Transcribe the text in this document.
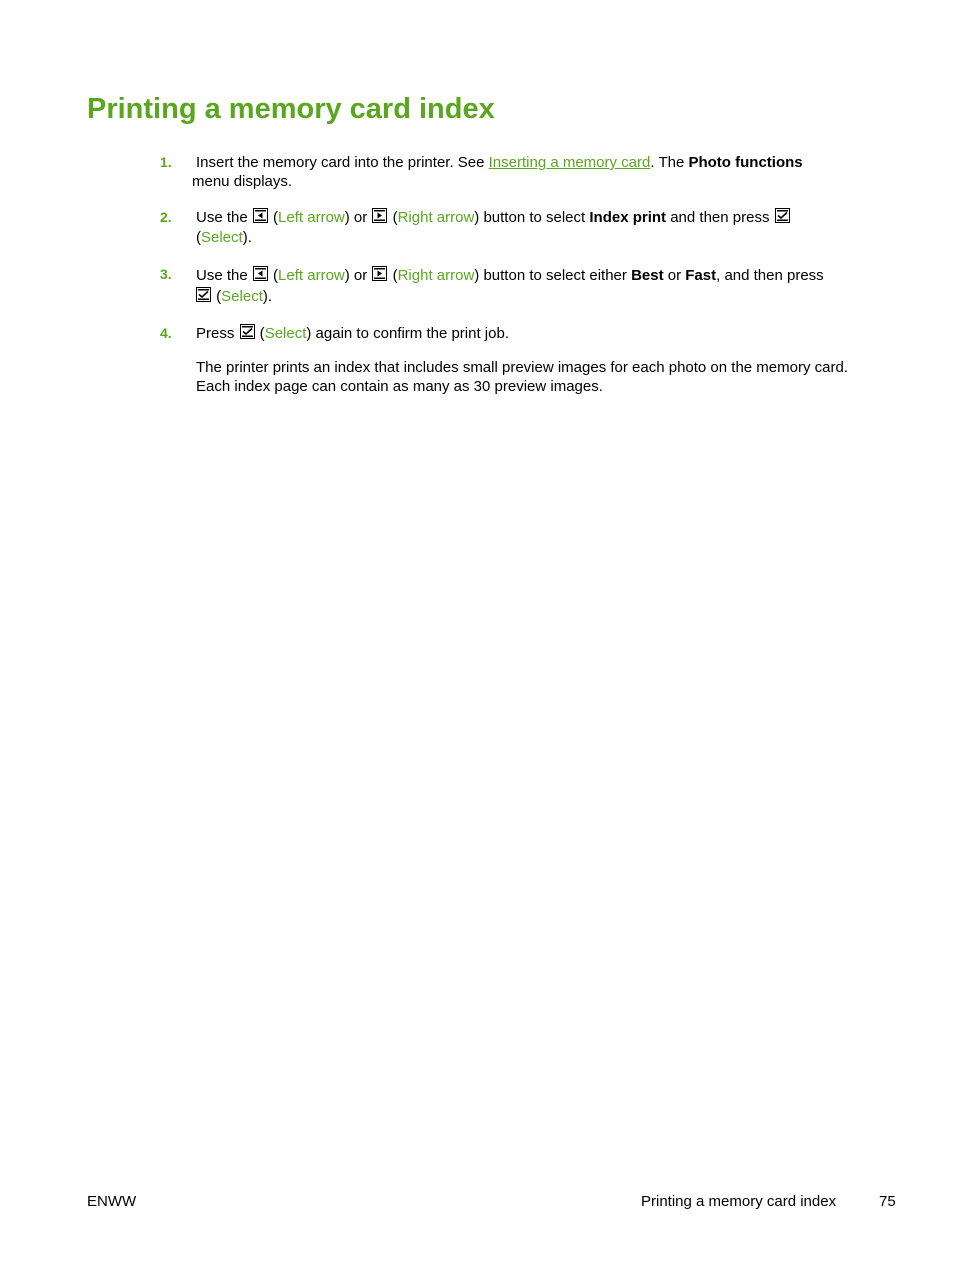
Printing a memory card index
1. Insert the memory card into the printer. See Inserting a memory card. The Photo functions
menu displays.

2. Use the
(Left arrow) or
(Right arrow) button to select Index print and then press

(Select).

3. Use the
(Left arrow) or
(Right arrow) button to select either Best or Fast, and then press

(Select).

4. Press
(Select) again to confirm the print job.

The printer prints an index that includes small preview images for each photo on the memory card. Each index page can contain as many as 30 preview images.

ENWW	Printing a memory card index	75
